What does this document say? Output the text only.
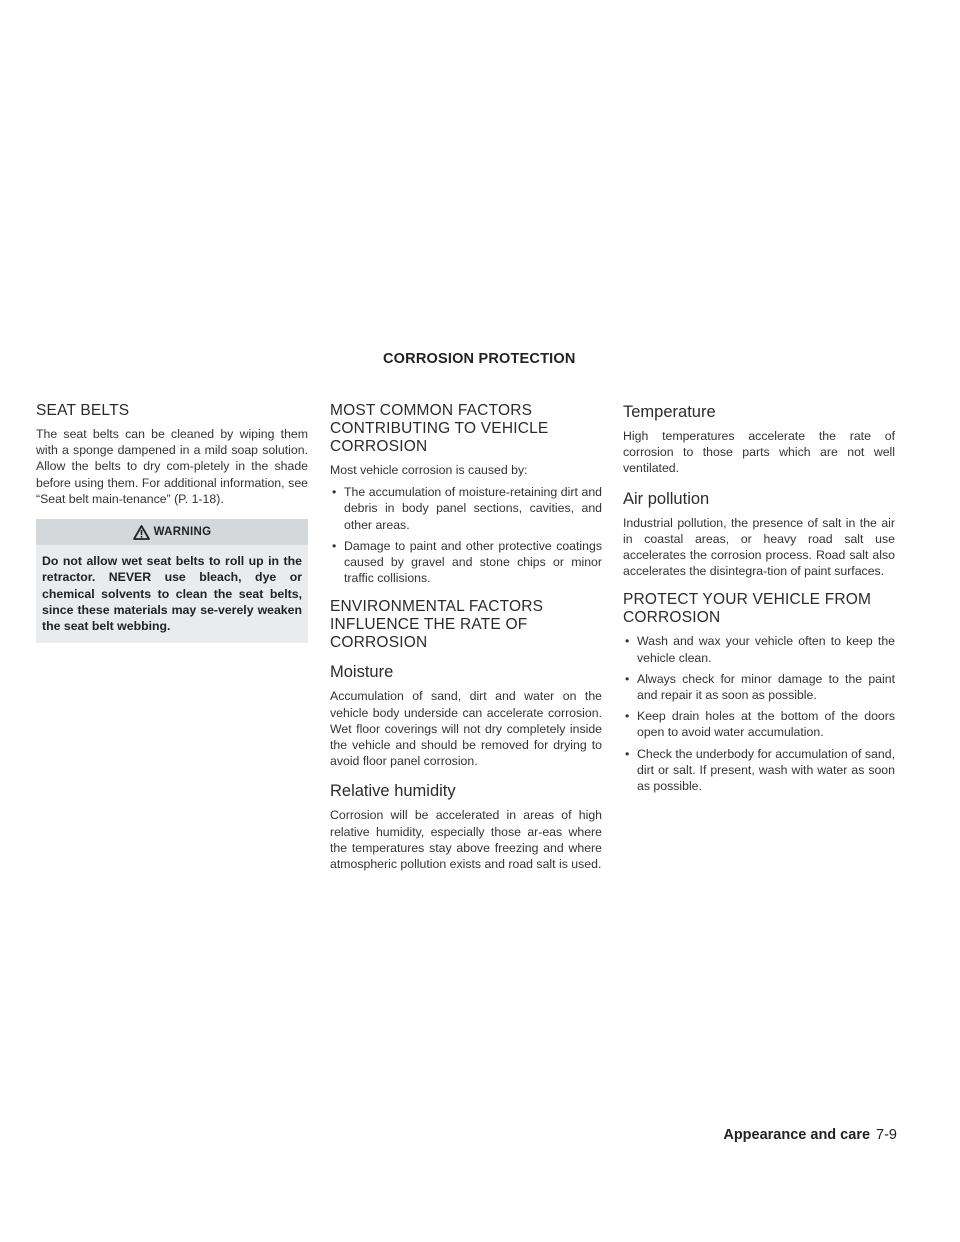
CORROSION PROTECTION
SEAT BELTS

The seat belts can be cleaned by wiping them with a sponge dampened in a mild soap solution. Allow the belts to dry com-pletely in the shade before using them. For additional information, see “Seat belt main-tenance” (P. 1-18).

WARNING
Do not allow wet seat belts to roll up in the retractor. NEVER use bleach, dye or chemical solvents to clean the seat belts, since these materials may se-verely weaken the seat belt webbing.
MOST COMMON FACTORS CONTRIBUTING TO VEHICLE CORROSION

Most vehicle corrosion is caused by:

• The accumulation of moisture-retaining dirt and debris in body panel sections, cavities, and other areas.
• Damage to paint and other protective coatings caused by gravel and stone chips or minor traffic collisions.
ENVIRONMENTAL FACTORS INFLUENCE THE RATE OF CORROSION
Moisture

Accumulation of sand, dirt and water on the vehicle body underside can accelerate corrosion. Wet floor coverings will not dry completely inside the vehicle and should be removed for drying to avoid floor panel corrosion.

Relative humidity

Corrosion will be accelerated in areas of high relative humidity, especially those ar-eas where the temperatures stay above freezing and where atmospheric pollution exists and road salt is used.

Temperature

High temperatures accelerate the rate of corrosion to those parts which are not well ventilated.

Air pollution

Industrial pollution, the presence of salt in the air in coastal areas, or heavy road salt use accelerates the corrosion process. Road salt also accelerates the disintegra-tion of paint surfaces.

PROTECT YOUR VEHICLE FROM CORROSION
• Wash and wax your vehicle often to keep the vehicle clean.
• Always check for minor damage to the paint and repair it as soon as possible.
• Keep drain holes at the bottom of the doors open to avoid water accumulation.
• Check the underbody for accumulation of sand, dirt or salt. If present, wash with water as soon as possible.
Appearance and care 7-9
